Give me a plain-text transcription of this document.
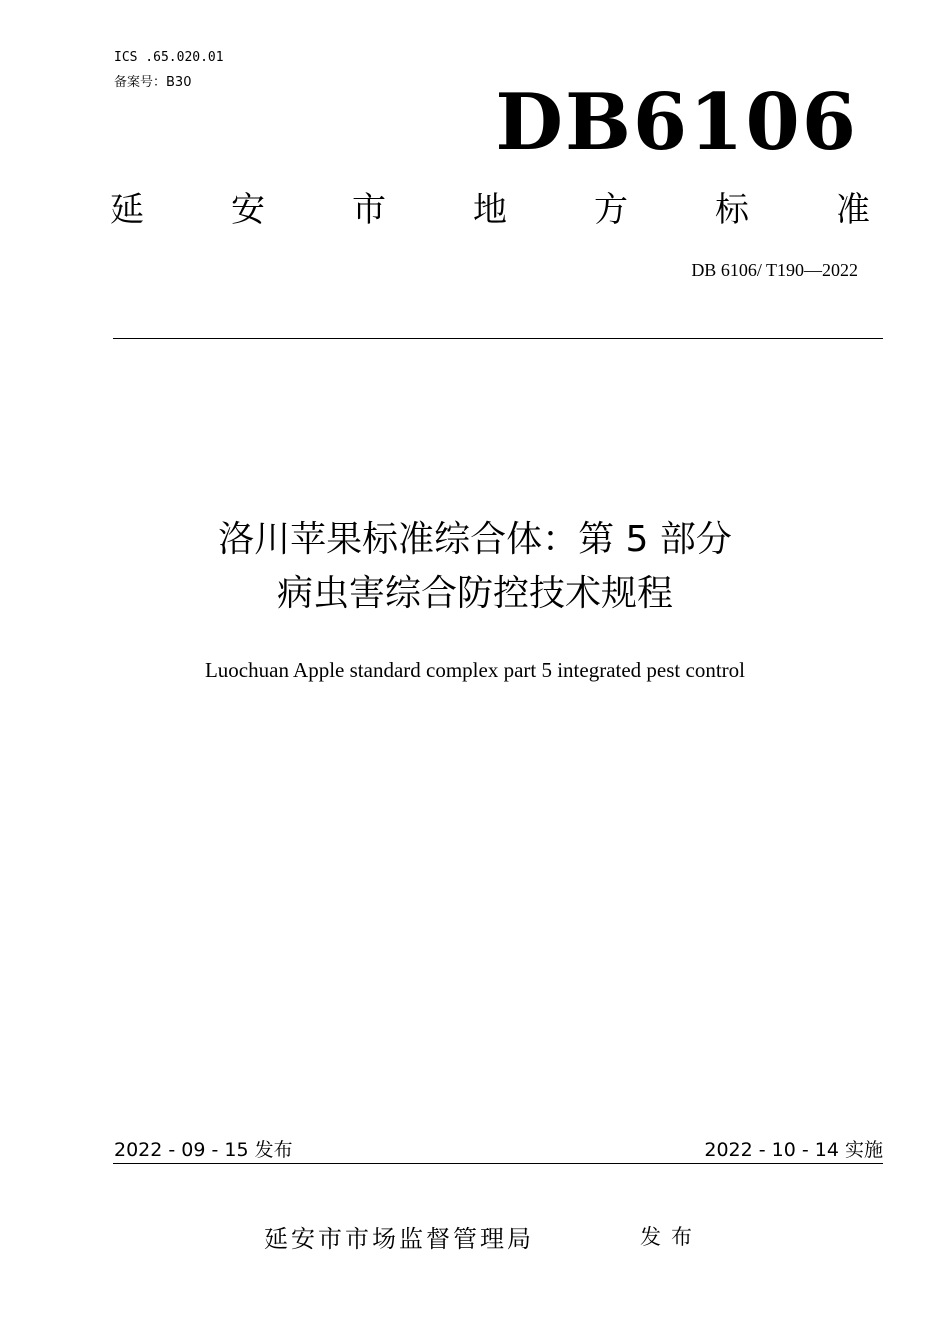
ICS .65.020.01
备案号：B30	DB6106
延	安	市	地	方	标	准
DB 6106/ T190—2022
洛川苹果标准综合体：第 5 部分
病虫害综合防控技术规程
Luochuan Apple standard complex part 5 integrated pest control
2022 - 09 - 15 发布	2022 - 10 - 14 实施
延安市市场监督管理局	发布
